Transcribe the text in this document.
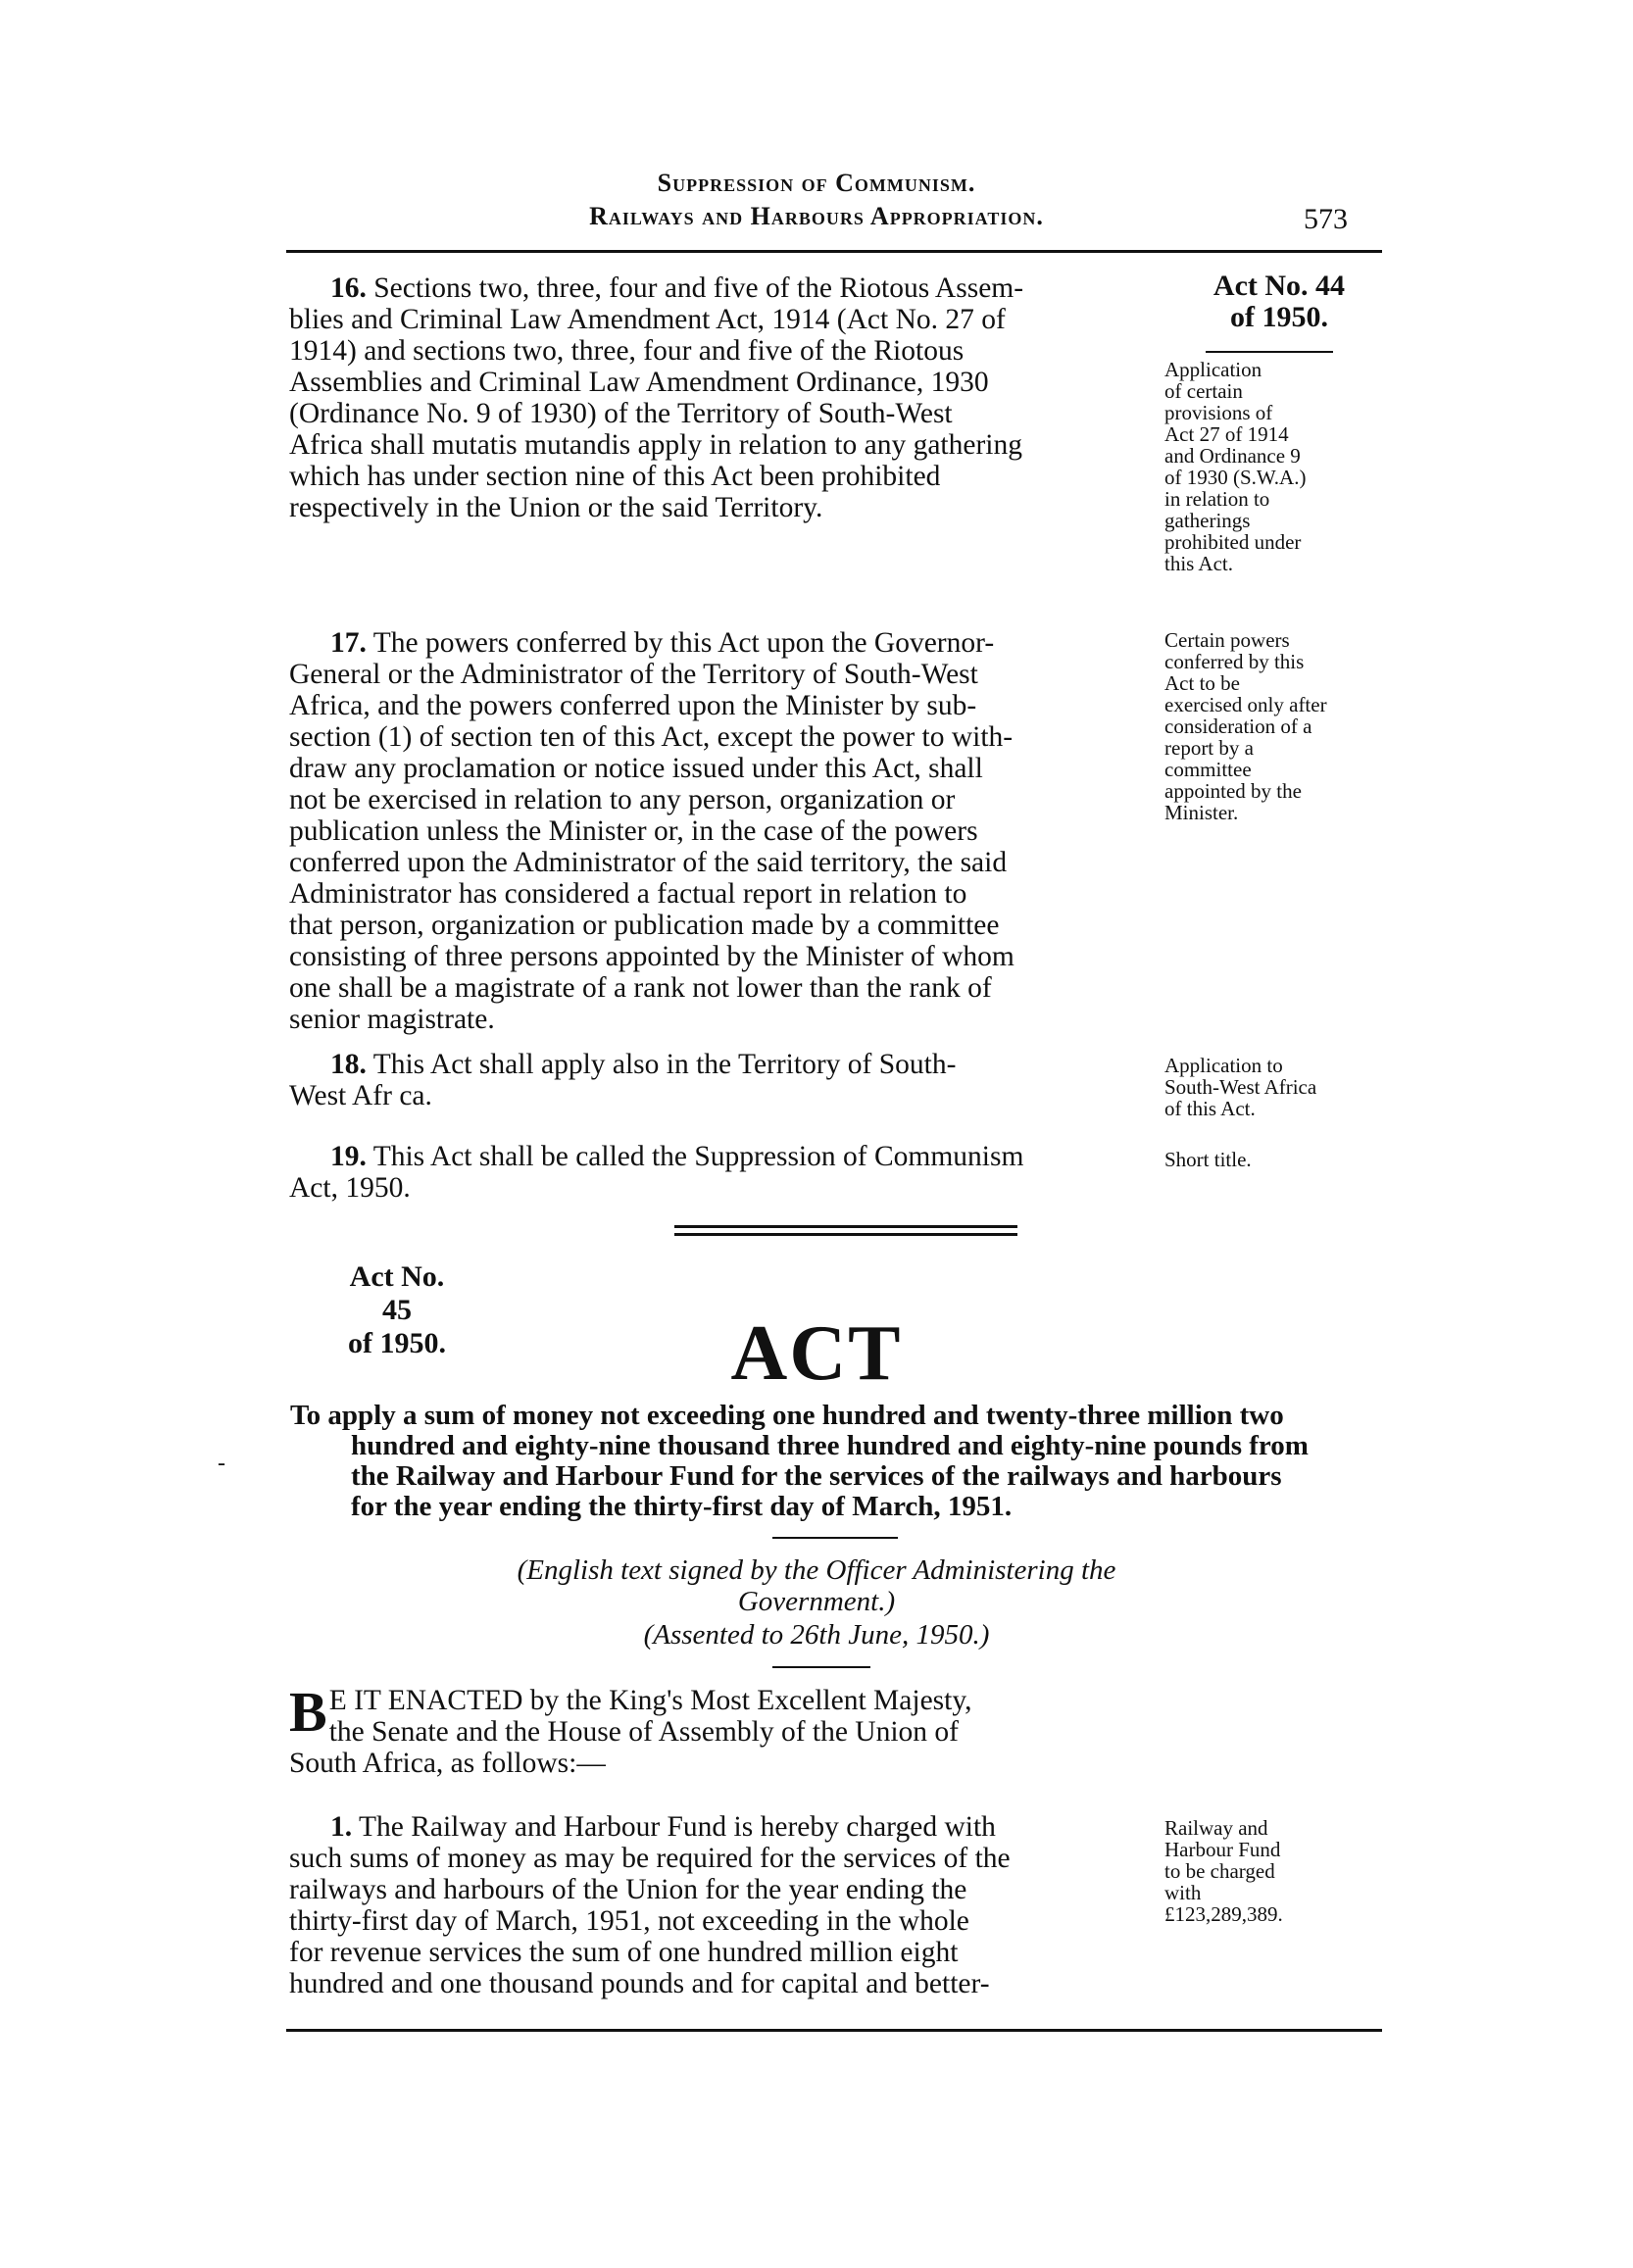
Suppression of Communism.
Railways and Harbours Appropriation.	573
Act No. 44
of 1950.
16. Sections two, three, four and five of the Riotous Assem-
blies and Criminal Law Amendment Act, 1914 (Act No. 27 of
1914) and sections two, three, four and five of the Riotous
Assemblies and Criminal Law Amendment Ordinance, 1930
(Ordinance No. 9 of 1930) of the Territory of South-West
Africa shall mutatis mutandis apply in relation to any gathering
which has under section nine of this Act been prohibited
respectively in the Union or the said Territory.
Application
of certain
provisions of
Act 27 of 1914
and Ordinance 9
of 1930 (S.W.A.)
in relation to
gatherings
prohibited under
this Act.
17. The powers conferred by this Act upon the Governor-
General or the Administrator of the Territory of South-West
Africa, and the powers conferred upon the Minister by sub-
section (1) of section ten of this Act, except the power to with-
draw any proclamation or notice issued under this Act, shall
not be exercised in relation to any person, organization or
publication unless the Minister or, in the case of the powers
conferred upon the Administrator of the said territory, the said
Administrator has considered a factual report in relation to
that person, organization or publication made by a committee
consisting of three persons appointed by the Minister of whom
one shall be a magistrate of a rank not lower than the rank of
senior magistrate.
Certain powers
conferred by this
Act to be
exercised only after
consideration of a
report by a
committee
appointed by the
Minister.
18. This Act shall apply also in the Territory of South-
West Afr ca.
Application to
South-West Africa
of this Act.
19. This Act shall be called the Suppression of Communism
Act, 1950.
Short title.
Act No. 45
of 1950.	ACT
-
To apply a sum of money not exceeding one hundred and twenty-three million two
hundred and eighty-nine thousand three hundred and eighty-nine pounds from
the Railway and Harbour Fund for the services of the railways and harbours
for the year ending the thirty-first day of March, 1951.
(English text signed by the Officer Administering the
Government.)
(Assented to 26th June, 1950.)
B E IT ENACTED by the King's Most Excellent Majesty,
the Senate and the House of Assembly of the Union of
South Africa, as follows:—
1. The Railway and Harbour Fund is hereby charged with
such sums of money as may be required for the services of the
railways and harbours of the Union for the year ending the
thirty-first day of March, 1951, not exceeding in the whole
for revenue services the sum of one hundred million eight
hundred and one thousand pounds and for capital and better-
Railway and
Harbour Fund
to be charged
with
£123,289,389.
